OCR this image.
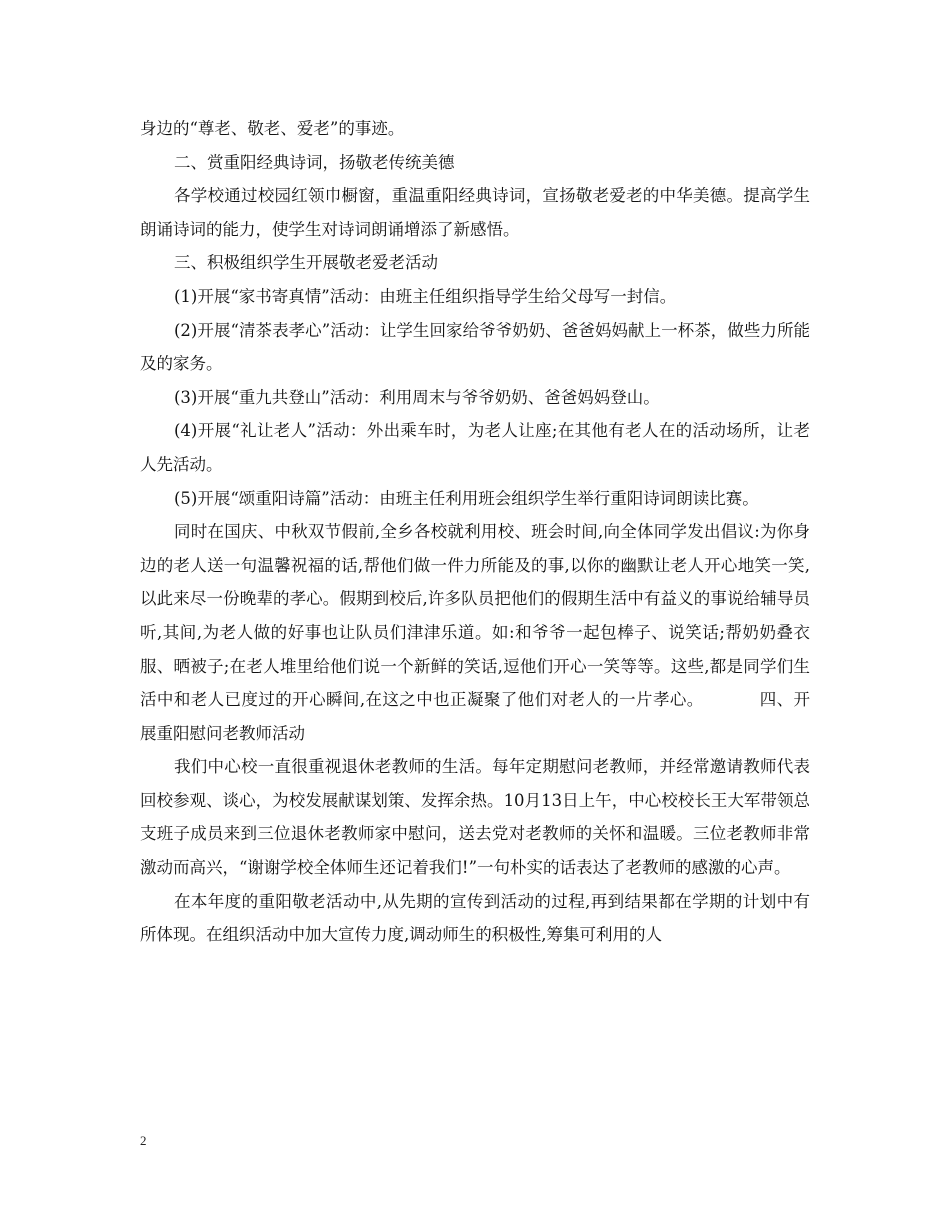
身边的“尊老、敬老、爱老”的事迹。

二、赏重阳经典诗词，扬敬老传统美德

各学校通过校园红领巾橱窗，重温重阳经典诗词，宣扬敬老爱老的中华美德。提高学生朗诵诗词的能力，使学生对诗词朗诵增添了新感悟。

三、积极组织学生开展敬老爱老活动

(1)开展“家书寄真情”活动：由班主任组织指导学生给父母写一封信。

(2)开展“清茶表孝心”活动：让学生回家给爷爷奶奶、爸爸妈妈献上一杯茶，做些力所能及的家务。

(3)开展“重九共登山”活动：利用周末与爷爷奶奶、爸爸妈妈登山。

(4)开展“礼让老人”活动：外出乘车时，为老人让座;在其他有老人在的活动场所，让老人先活动。

(5)开展“颂重阳诗篇”活动：由班主任利用班会组织学生举行重阳诗词朗读比赛。

同时在国庆、中秋双节假前,全乡各校就利用校、班会时间,向全体同学发出倡议:为你身边的老人送一句温馨祝福的话,帮他们做一件力所能及的事,以你的幽默让老人开心地笑一笑,以此来尽一份晚辈的孝心。假期到校后,许多队员把他们的假期生活中有益义的事说给辅导员听,其间,为老人做的好事也让队员们津津乐道。如:和爷爷一起包棒子、说笑话;帮奶奶叠衣服、晒被子;在老人堆里给他们说一个新鲜的笑话,逗他们开心一笑等等。这些,都是同学们生活中和老人已度过的开心瞬间,在这之中也正凝聚了他们对老人的一片孝心。	四、开展重阳慰问老教师活动

我们中心校一直很重视退休老教师的生活。每年定期慰问老教师，并经常邀请教师代表回校参观、谈心，为校发展献谋划策、发挥余热。10月13日上午，中心校校长王大军带领总支班子成员来到三位退休老教师家中慰问，送去党对老教师的关怀和温暖。三位老教师非常激动而高兴，“谢谢学校全体师生还记着我们!”一句朴实的话表达了老教师的感激的心声。

在本年度的重阳敬老活动中,从先期的宣传到活动的过程,再到结果都在学期的计划中有所体现。在组织活动中加大宣传力度,调动师生的积极性,筹集可利用的人

2
